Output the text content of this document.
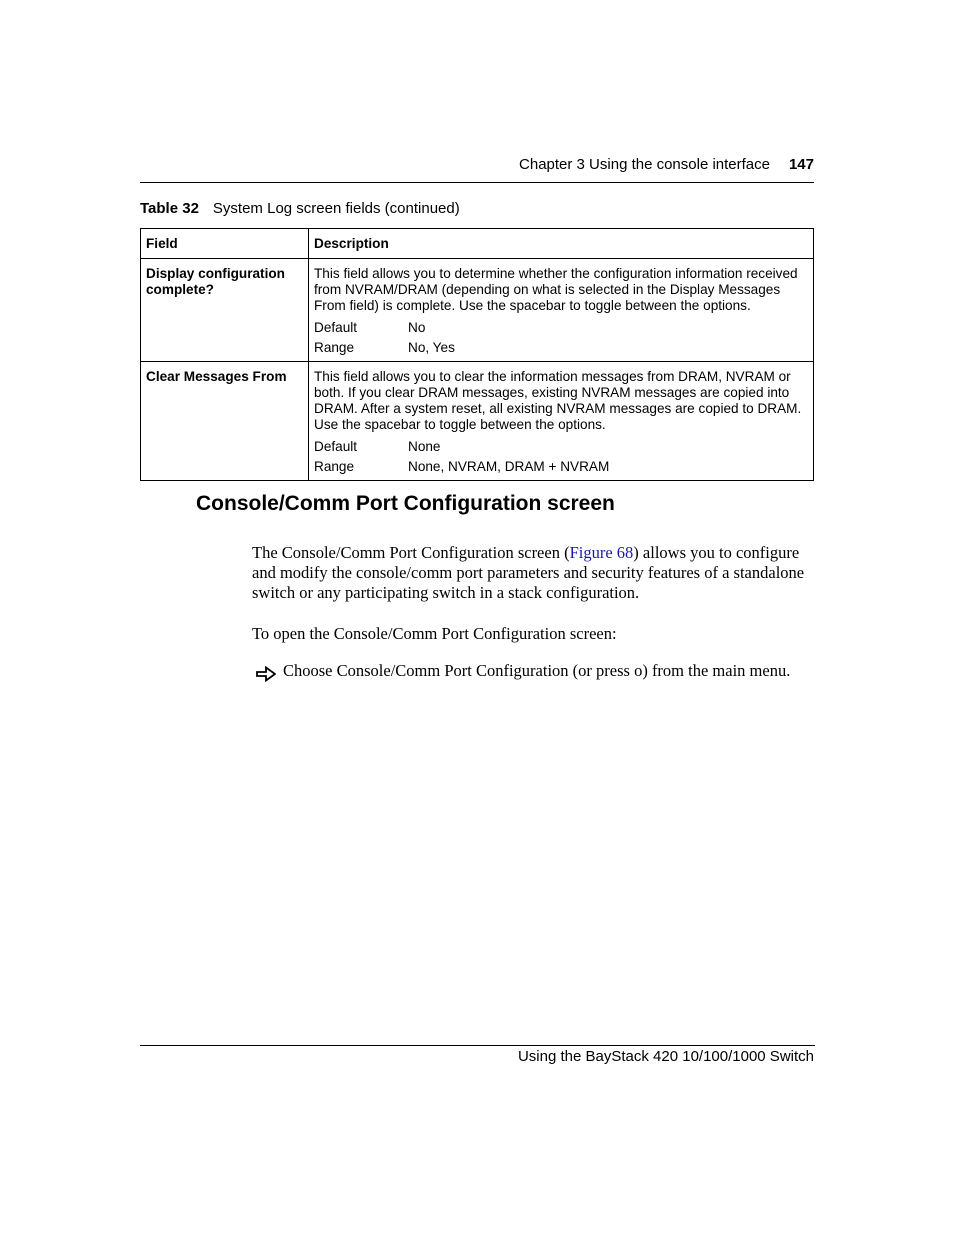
Chapter 3 Using the console interface 147
Table 32 System Log screen fields (continued)
Field	Description

Display configuration complete?	This field allows you to determine whether the configuration information received from NVRAM/DRAM (depending on what is selected in the Display Messages From field) is complete. Use the spacebar to toggle between the options.
Default No
Range No, Yes

Clear Messages From	This field allows you to clear the information messages from DRAM, NVRAM or both. If you clear DRAM messages, existing NVRAM messages are copied into DRAM. After a system reset, all existing NVRAM messages are copied to DRAM. Use the spacebar to toggle between the options.
Default None
Range None, NVRAM, DRAM + NVRAM
Console/Comm Port Configuration screen
The Console/Comm Port Configuration screen (Figure 68) allows you to configure and modify the console/comm port parameters and security features of a standalone switch or any participating switch in a stack configuration.
To open the Console/Comm Port Configuration screen:
Choose Console/Comm Port Configuration (or press o) from the main menu.
Using the BayStack 420 10/100/1000 Switch
